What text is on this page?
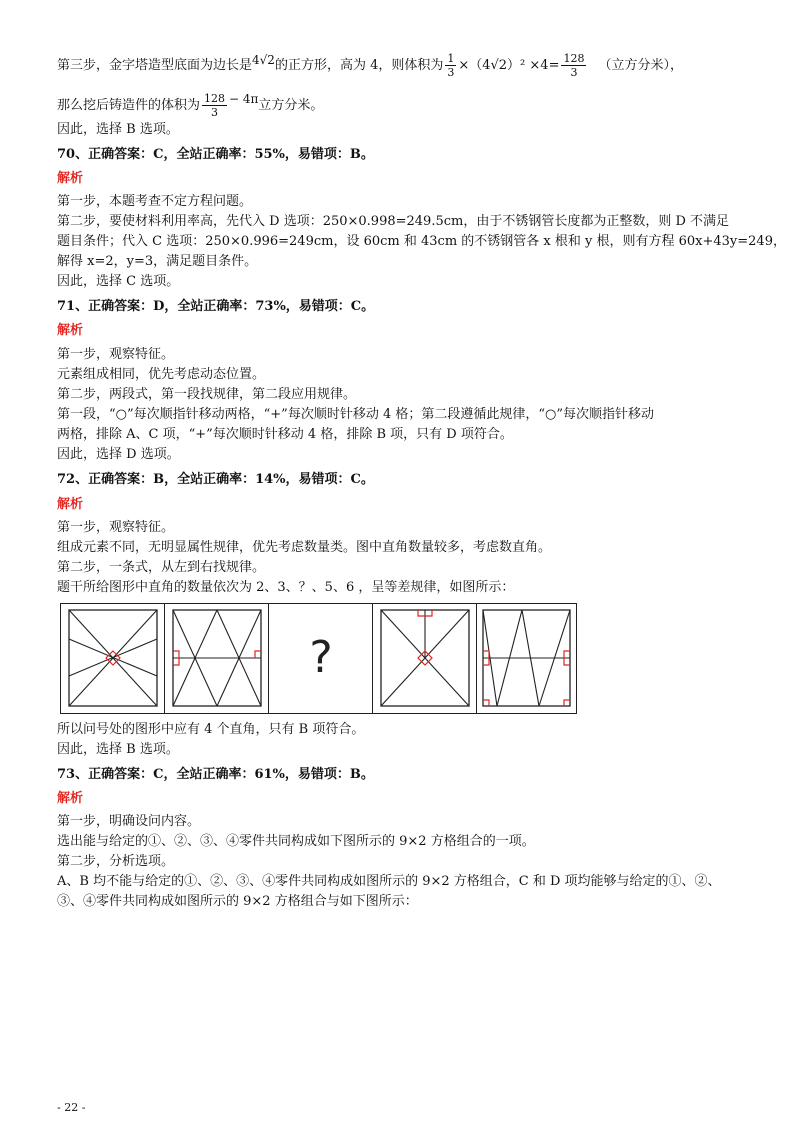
第三步，金字塔造型底面为边长是4√2的正方形，高为 4，则体积为 $\frac{1}{3} \times(4√2)^2 \times 4= \frac{128}{3}$ （立方分米），
那么挖后铸造件的体积为 $\frac{128}{3} - 4\pi$立方分米。

因此，选择 B 选项。

70、正确答案：C，全站正确率：55%，易错项：B。

解析

第一步，本题考查不定方程问题。

第二步，要使材料利用率高，先代入 D 选项：250×0.998=249.5cm，由于不锈钢管长度都为正整数，则 D 不满足

题目条件；代入 C 选项：250×0.996=249cm，设 60cm 和 43cm 的不锈钢管各 x 根和 y 根，则有方程 60x+43y=249，

解得 x=2，y=3，满足题目条件。

因此，选择 C 选项。

71、正确答案：D，全站正确率：73%，易错项：C。

解析

第一步，观察特征。

元素组成相同，优先考虑动态位置。

第二步，两段式，第一段找规律，第二段应用规律。

第一段，“○”每次顺指针移动两格，“+”每次顺时针移动 4 格；第二段遵循此规律，“○”每次顺指针移动

两格，排除 A、C 项，“+”每次顺时针移动 4 格，排除 B 项，只有 D 项符合。

因此，选择 D 选项。

72、正确答案：B，全站正确率：14%，易错项：C。

解析

第一步，观察特征。

组成元素不同，无明显属性规律，优先考虑数量类。图中直角数量较多，考虑数直角。

第二步，一条式，从左到右找规律。

题干所给图形中直角的数量依次为 2、3、？、5、6 ，呈等差规律，如图所示：

?

所以问号处的图形中应有 4 个直角，只有 B 项符合。

因此，选择 B 选项。

73、正确答案：C，全站正确率：61%，易错项：B。

解析

第一步，明确设问内容。

选出能与给定的①、②、③、④零件共同构成如下图所示的 9×2 方格组合的一项。

第二步，分析选项。

A、B 均不能与给定的①、②、③、④零件共同构成如图所示的 9×2 方格组合，C 和 D 项均能够与给定的①、②、

③、④零件共同构成如图所示的 9×2 方格组合与如下图所示：

- 22 -
